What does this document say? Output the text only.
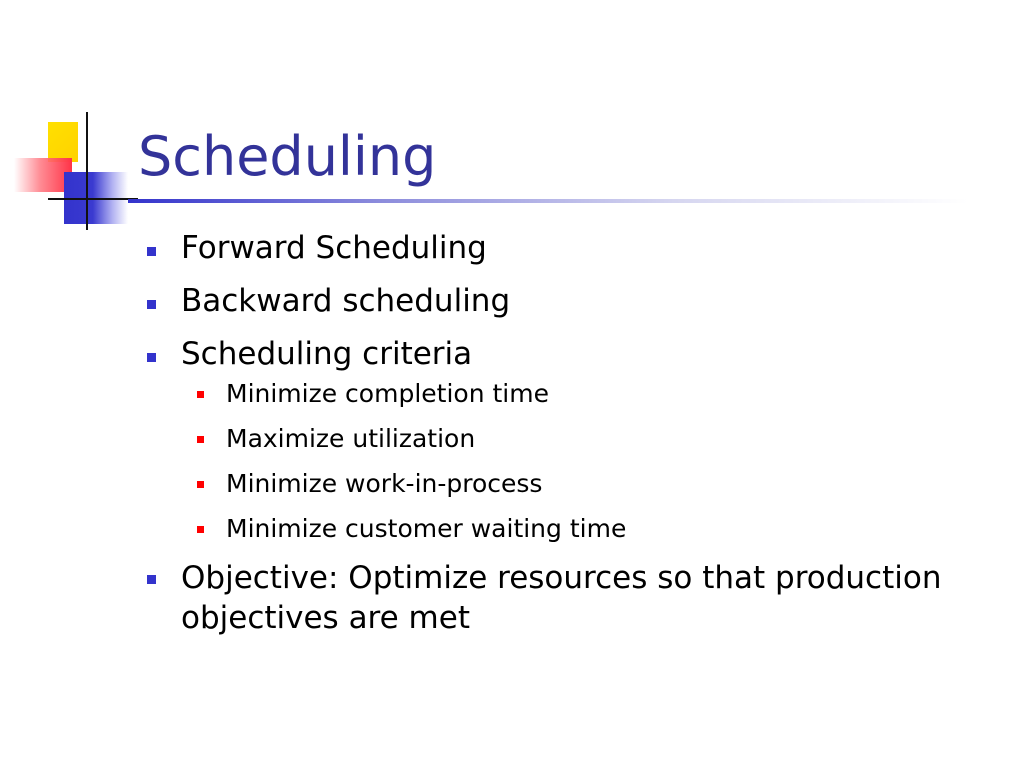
Scheduling
Forward Scheduling
Backward scheduling
Scheduling criteria
Minimize completion time
Maximize utilization
Minimize work-in-process
Minimize customer waiting time
Objective: Optimize resources so that production objectives are met
